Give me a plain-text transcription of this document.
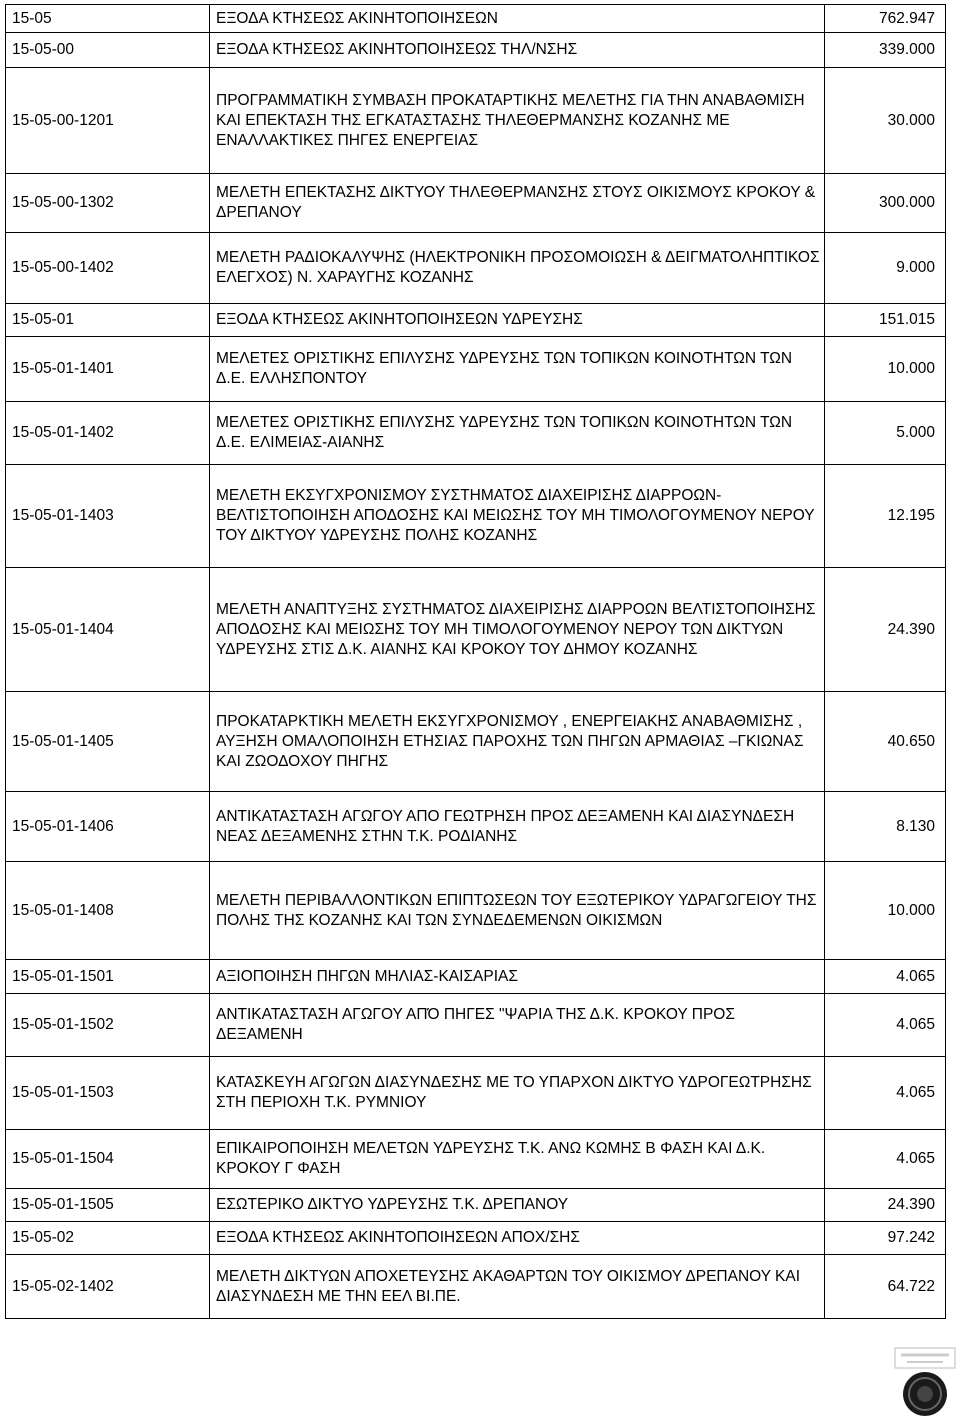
15-05	ΕΞΟΔΑ ΚΤΗΣΕΩΣ ΑΚΙΝΗΤΟΠΟΙΗΣΕΩΝ	762.947
15-05-00	ΕΞΟΔΑ ΚΤΗΣΕΩΣ ΑΚΙΝΗΤΟΠΟΙΗΣΕΩΣ ΤΗΛ/ΝΣΗΣ	339.000
15-05-00-1201	ΠΡΟΓΡΑΜΜΑΤΙΚΗ ΣΥΜΒΑΣΗ ΠΡΟΚΑΤΑΡΤΙΚΗΣ ΜΕΛΕΤΗΣ ΓΙΑ ΤΗΝ ΑΝΑΒΑΘΜΙΣΗ ΚΑΙ ΕΠΕΚΤΑΣΗ ΤΗΣ ΕΓΚΑΤΑΣΤΑΣΗΣ ΤΗΛΕΘΕΡΜΑΝΣΗΣ ΚΟΖΑΝΗΣ ΜΕ ΕΝΑΛΛΑΚΤΙΚΕΣ ΠΗΓΕΣ ΕΝΕΡΓΕΙΑΣ	30.000
15-05-00-1302	ΜΕΛΕΤΗ ΕΠΕΚΤΑΣΗΣ ΔΙΚΤΥΟΥ ΤΗΛΕΘΕΡΜΑΝΣΗΣ ΣΤΟΥΣ ΟΙΚΙΣΜΟΥΣ ΚΡΟΚΟΥ & ΔΡΕΠΑΝΟΥ	300.000
15-05-00-1402	ΜΕΛΕΤΗ ΡΑΔΙΟΚΑΛΥΨΗΣ (ΗΛΕΚΤΡΟΝΙΚΗ ΠΡΟΣΟΜΟΙΩΣΗ & ΔΕΙΓΜΑΤΟΛΗΠΤΙΚΟΣ ΕΛΕΓΧΟΣ) Ν. ΧΑΡΑΥΓΗΣ ΚΟΖΑΝΗΣ	9.000
15-05-01	ΕΞΟΔΑ ΚΤΗΣΕΩΣ ΑΚΙΝΗΤΟΠΟΙΗΣΕΩΝ ΥΔΡΕΥΣΗΣ	151.015
15-05-01-1401	ΜΕΛΕΤΕΣ ΟΡΙΣΤΙΚΗΣ ΕΠΙΛΥΣΗΣ ΥΔΡΕΥΣΗΣ ΤΩΝ ΤΟΠΙΚΩΝ ΚΟΙΝΟΤΗΤΩΝ ΤΩΝ Δ.Ε. ΕΛΛΗΣΠΟΝΤΟΥ	10.000
15-05-01-1402	ΜΕΛΕΤΕΣ ΟΡΙΣΤΙΚΗΣ ΕΠΙΛΥΣΗΣ ΥΔΡΕΥΣΗΣ ΤΩΝ ΤΟΠΙΚΩΝ ΚΟΙΝΟΤΗΤΩΝ ΤΩΝ Δ.Ε. ΕΛΙΜΕΙΑΣ-ΑΙΑΝΗΣ	5.000
15-05-01-1403	ΜΕΛΕΤΗ ΕΚΣΥΓΧΡΟΝΙΣΜΟΥ ΣΥΣΤΗΜΑΤΟΣ ΔΙΑΧΕΙΡΙΣΗΣ ΔΙΑΡΡΟΩΝ-ΒΕΛΤΙΣΤΟΠΟΙΗΣΗ ΑΠΟΔΟΣΗΣ ΚΑΙ ΜΕΙΩΣΗΣ ΤΟΥ ΜΗ ΤΙΜΟΛΟΓΟΥΜΕΝΟΥ ΝΕΡΟΥ ΤΟΥ ΔΙΚΤΥΟΥ ΥΔΡΕΥΣΗΣ ΠΟΛΗΣ ΚΟΖΑΝΗΣ	12.195
15-05-01-1404	ΜΕΛΕΤΗ ΑΝΑΠΤΥΞΗΣ ΣΥΣΤΗΜΑΤΟΣ ΔΙΑΧΕΙΡΙΣΗΣ ΔΙΑΡΡΟΩΝ ΒΕΛΤΙΣΤΟΠΟΙΗΣΗΣ ΑΠΟΔΟΣΗΣ ΚΑΙ ΜΕΙΩΣΗΣ ΤΟΥ ΜΗ ΤΙΜΟΛΟΓΟΥΜΕΝΟΥ ΝΕΡΟΥ ΤΩΝ ΔΙΚΤΥΩΝ ΥΔΡΕΥΣΗΣ ΣΤΙΣ Δ.Κ. ΑΙΑΝΗΣ ΚΑΙ ΚΡΟΚΟΥ ΤΟΥ ΔΗΜΟΥ ΚΟΖΑΝΗΣ	24.390
15-05-01-1405	ΠΡΟΚΑΤΑΡΚΤΙΚΗ ΜΕΛΕΤΗ ΕΚΣΥΓΧΡΟΝΙΣΜΟΥ , ΕΝΕΡΓΕΙΑΚΗΣ ΑΝΑΒΑΘΜΙΣΗΣ , ΑΥΞΗΣΗ ΟΜΑΛΟΠΟΙΗΣΗ ΕΤΗΣΙΑΣ ΠΑΡΟΧΗΣ ΤΩΝ ΠΗΓΩΝ ΑΡΜΑΘΙΑΣ –ΓΚΙΩΝΑΣ ΚΑΙ ΖΩΟΔΟΧΟΥ ΠΗΓΗΣ	40.650
15-05-01-1406	ΑΝΤΙΚΑΤΑΣΤΑΣΗ ΑΓΩΓΟΥ ΑΠΟ ΓΕΩΤΡΗΣΗ ΠΡΟΣ ΔΕΞΑΜΕΝΗ ΚΑΙ ΔΙΑΣΥΝΔΕΣΗ ΝΕΑΣ ΔΕΞΑΜΕΝΗΣ ΣΤΗΝ Τ.Κ. ΡΟΔΙΑΝΗΣ	8.130
15-05-01-1408	ΜΕΛΕΤΗ ΠΕΡΙΒΑΛΛΟΝΤΙΚΩΝ ΕΠΙΠΤΩΣΕΩΝ ΤΟΥ ΕΞΩΤΕΡΙΚΟΥ ΥΔΡΑΓΩΓΕΙΟΥ ΤΗΣ ΠΟΛΗΣ ΤΗΣ ΚΟΖΑΝΗΣ ΚΑΙ ΤΩΝ ΣΥΝΔΕΔΕΜΕΝΩΝ ΟΙΚΙΣΜΩΝ	10.000
15-05-01-1501	ΑΞΙΟΠΟΙΗΣΗ ΠΗΓΩΝ ΜΗΛΙΑΣ-ΚΑΙΣΑΡΙΑΣ	4.065
15-05-01-1502	ΑΝΤΙΚΑΤΑΣΤΑΣΗ ΑΓΩΓΟΥ ΑΠΌ ΠΗΓΕΣ "ΨΑΡΙΑ ΤΗΣ Δ.Κ. ΚΡΟΚΟΥ ΠΡΟΣ ΔΕΞΑΜΕΝΗ	4.065
15-05-01-1503	ΚΑΤΑΣΚΕΥΗ ΑΓΩΓΩΝ ΔΙΑΣΥΝΔΕΣΗΣ ΜΕ ΤΟ ΥΠΑΡΧΟΝ ΔΙΚΤΥΟ ΥΔΡΟΓΕΩΤΡΗΣΗΣ ΣΤΗ ΠΕΡΙΟΧΗ Τ.Κ. ΡΥΜΝΙΟΥ	4.065
15-05-01-1504	ΕΠΙΚΑΙΡΟΠΟΙΗΣΗ ΜΕΛΕΤΩΝ ΥΔΡΕΥΣΗΣ Τ.Κ. ΑΝΩ ΚΩΜΗΣ Β ΦΑΣΗ ΚΑΙ Δ.Κ. ΚΡΟΚΟΥ Γ ΦΑΣΗ	4.065
15-05-01-1505	ΕΣΩΤΕΡΙΚΟ ΔΙΚΤΥΟ ΥΔΡΕΥΣΗΣ Τ.Κ. ΔΡΕΠΑΝΟΥ	24.390
15-05-02	ΕΞΟΔΑ ΚΤΗΣΕΩΣ ΑΚΙΝΗΤΟΠΟΙΗΣΕΩΝ ΑΠΟΧ/ΣΗΣ	97.242
15-05-02-1402	ΜΕΛΕΤΗ ΔΙΚΤΥΩΝ ΑΠΟΧΕΤΕΥΣΗΣ ΑΚΑΘΑΡΤΩΝ ΤΟΥ ΟΙΚΙΣΜΟΥ ΔΡΕΠΑΝΟΥ ΚΑΙ ΔΙΑΣΥΝΔΕΣΗ ΜΕ ΤΗΝ ΕΕΛ ΒΙ.ΠΕ.	64.722
